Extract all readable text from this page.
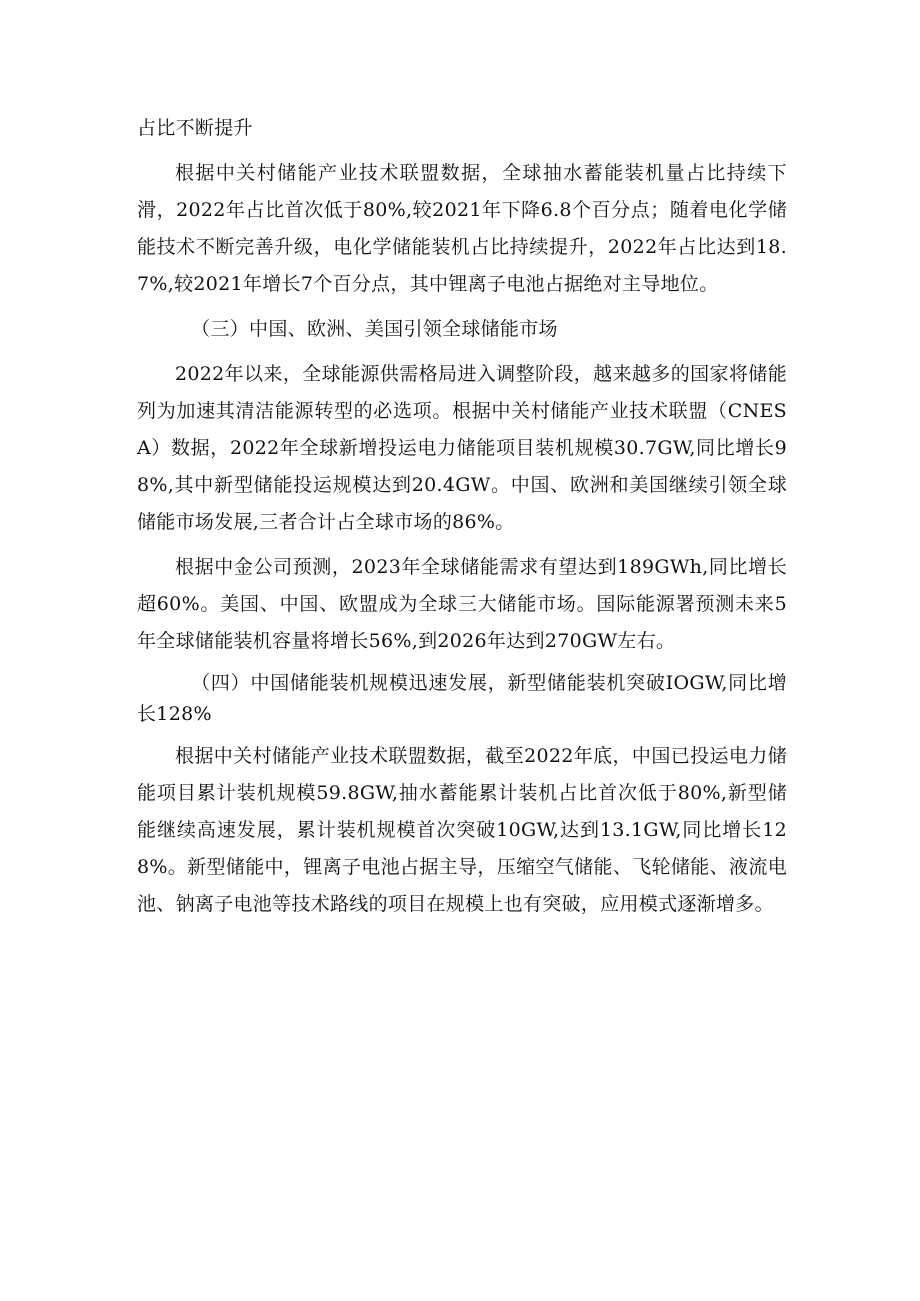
占比不断提升

根据中关村储能产业技术联盟数据，全球抽水蓄能装机量占比持续下滑，2022年占比首次低于80%,较2021年下降6.8个百分点；随着电化学储能技术不断完善升级，电化学储能装机占比持续提升，2022年占比达到18.7%,较2021年增长7个百分点，其中锂离子电池占据绝对主导地位。

（三）中国、欧洲、美国引领全球储能市场

2022年以来，全球能源供需格局进入调整阶段，越来越多的国家将储能列为加速其清洁能源转型的必选项。根据中关村储能产业技术联盟（CNESA）数据，2022年全球新增投运电力储能项目装机规模30.7GW,同比增长98%,其中新型储能投运规模达到20.4GW。中国、欧洲和美国继续引领全球储能市场发展,三者合计占全球市场的86%。

根据中金公司预测，2023年全球储能需求有望达到189GWh,同比增长超60%。美国、中国、欧盟成为全球三大储能市场。国际能源署预测未来5年全球储能装机容量将增长56%,到2026年达到270GW左右。

（四）中国储能装机规模迅速发展，新型储能装机突破IOGW,同比增长128%

根据中关村储能产业技术联盟数据，截至2022年底，中国已投运电力储能项目累计装机规模59.8GW,抽水蓄能累计装机占比首次低于80%,新型储能继续高速发展，累计装机规模首次突破10GW,达到13.1GW,同比增长128%。新型储能中，锂离子电池占据主导，压缩空气储能、飞轮储能、液流电池、钠离子电池等技术路线的项目在规模上也有突破，应用模式逐渐增多。
